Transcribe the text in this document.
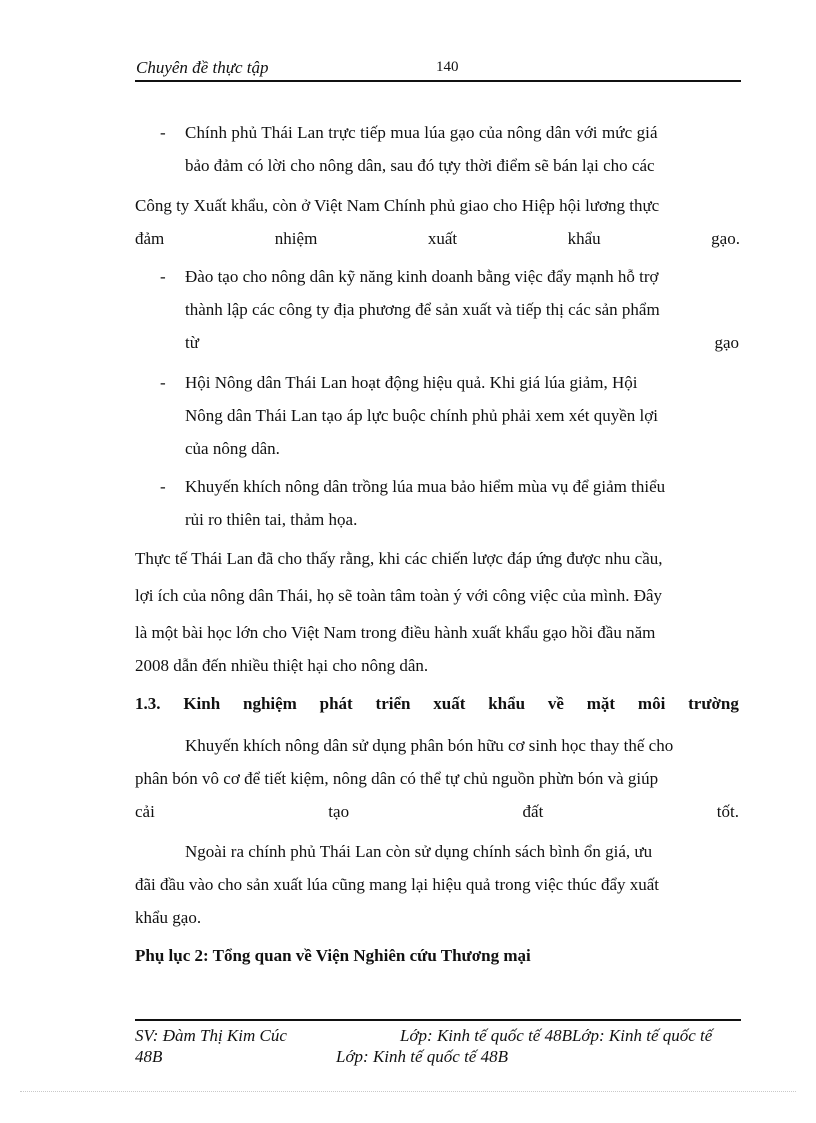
Chuyên đề thực tập	140
- Chính phủ Thái Lan trực tiếp mua lúa gạo của nông dân với mức giá
bảo đảm có lời cho nông dân, sau đó tựy thời điểm sẽ bán lại cho các
Công ty Xuất khẩu, còn ở Việt Nam Chính phủ giao cho Hiệp hội lương thực
đảm	nhiệm	xuất	khẩu	gạo.
- Đào tạo cho nông dân kỹ năng kinh doanh bằng việc đẩy mạnh hỗ trợ
thành lập các công ty địa phương để sản xuất và tiếp thị các sản phẩm
từ	gạo
- Hội Nông dân Thái Lan hoạt động hiệu quả. Khi giá lúa giảm, Hội
Nông dân Thái Lan tạo áp lực buộc chính phủ phải xem xét quyền lợi
của nông dân.
- Khuyến khích nông dân trồng lúa mua bảo hiểm mùa vụ để giảm thiểu
rủi ro thiên tai, thảm họa.
Thực tế Thái Lan đã cho thấy rằng, khi các chiến lược đáp ứng được nhu cầu,
lợi ích của nông dân Thái, họ sẽ toàn tâm toàn ý với công việc của mình. Đây
là một bài học lớn cho Việt Nam trong điều hành xuất khẩu gạo hồi đầu năm
2008 dẫn đến nhiều thiệt hại cho nông dân.
1.3. Kinh nghiệm phát triển xuất khẩu về mặt môi trường
Khuyến khích nông dân sử dụng phân bón hữu cơ sinh học thay thế cho
phân bón vô cơ để tiết kiệm, nông dân có thể tự chủ nguồn phừn bón và giúp
cải	tạo	đất	tốt.
Ngoài ra chính phủ Thái Lan còn sử dụng chính sách bình ổn giá, ưu
đãi đầu vào cho sản xuất lúa cũng mang lại hiệu quả trong việc thúc đẩy xuất
khẩu gạo.
Phụ lục 2: Tổng quan về Viện Nghiên cứu Thương mại
SV: Đàm Thị Kim Cúc	Lớp: Kinh tế quốc tế 48BLớp: Kinh tế quốc tế
48B	Lớp: Kinh tế quốc tế 48B
